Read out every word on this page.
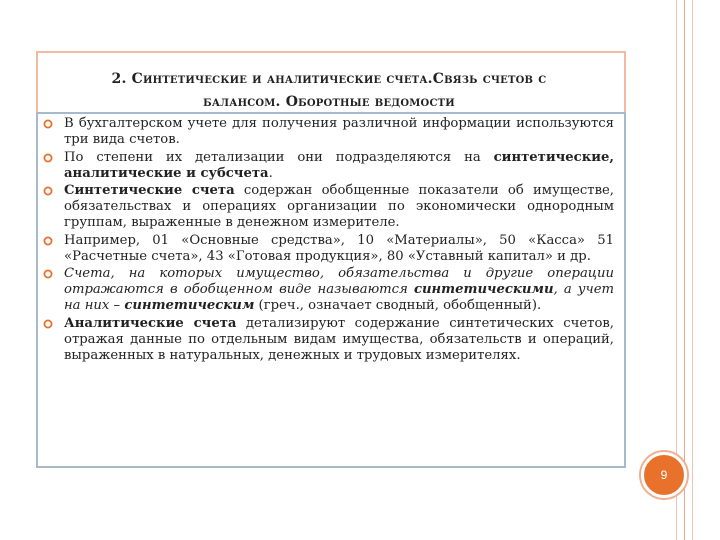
2. Синтетические и аналитические счета.Связь счетов с
балансом. Оборотные ведомости
В бухгалтерском учете для получения различной информации используются три вида счетов.
По степени их детализации они подразделяются на синтетические, аналитические и субсчета.
Синтетические счета содержан обобщенные показатели об имуществе, обязательствах и операциях организации по экономически однородным группам, выраженные в денежном измерителе.
Например, 01 «Основные средства», 10 «Материалы», 50 «Касса» 51 «Расчетные счета», 43 «Готовая продукция», 80 «Уставный капитал» и др.
Счета, на которых имущество, обязательства и другие операции отражаются в обобщенном виде называются синтетическими, а учет на них – синтетическим (греч., означает сводный, обобщенный).
Аналитические счета детализируют содержание синтетических счетов, отражая данные по отдельным видам имущества, обязательств и операций, выраженных в натуральных, денежных и трудовых измерителях.
9
